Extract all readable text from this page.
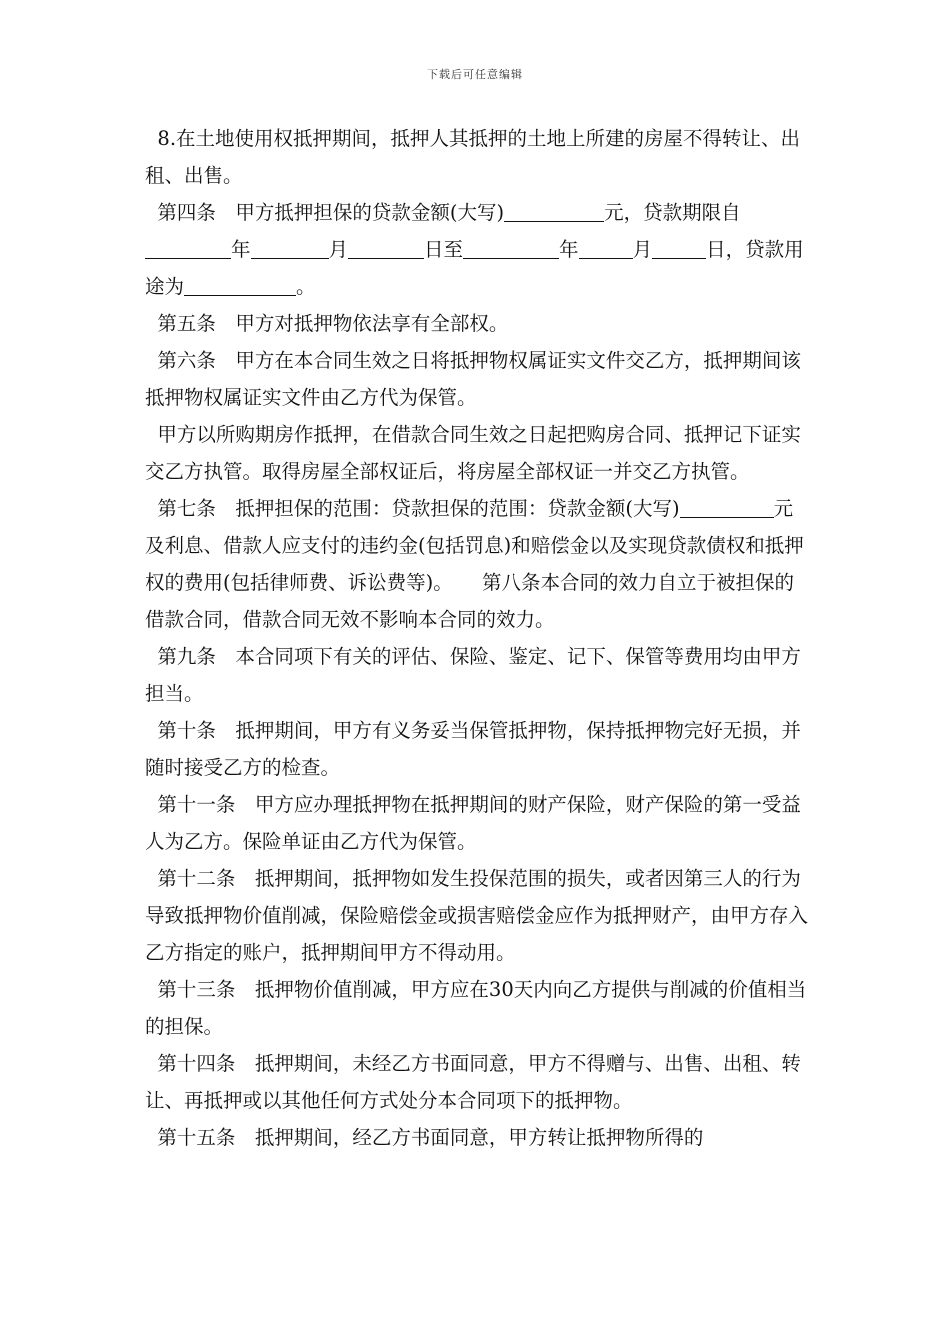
下载后可任意编辑

8.在土地使用权抵押期间，抵押人其抵押的土地上所建的房屋不得转让、出租、出售。

第四条　甲方抵押担保的贷款金额(大写)	元，贷款期限自年	月	日至	年	月	日，贷款用途为	。

第五条　甲方对抵押物依法享有全部权。

第六条　甲方在本合同生效之日将抵押物权属证实文件交乙方，抵押期间该抵押物权属证实文件由乙方代为保管。

甲方以所购期房作抵押，在借款合同生效之日起把购房合同、抵押记下证实交乙方执管。取得房屋全部权证后，将房屋全部权证一并交乙方执管。

第七条　抵押担保的范围：贷款担保的范围：贷款金额(大写)	元及利息、借款人应支付的违约金(包括罚息)和赔偿金以及实现贷款债权和抵押权的费用(包括律师费、诉讼费等)。　　第八条本合同的效力自立于被担保的借款合同，借款合同无效不影响本合同的效力。

第九条　本合同项下有关的评估、保险、鉴定、记下、保管等费用均由甲方担当。

第十条　抵押期间，甲方有义务妥当保管抵押物，保持抵押物完好无损，并随时接受乙方的检查。

第十一条　甲方应办理抵押物在抵押期间的财产保险，财产保险的第一受益人为乙方。保险单证由乙方代为保管。

第十二条　抵押期间，抵押物如发生投保范围的损失，或者因第三人的行为导致抵押物价值削减，保险赔偿金或损害赔偿金应作为抵押财产，由甲方存入乙方指定的账户，抵押期间甲方不得动用。

第十三条　抵押物价值削减，甲方应在30天内向乙方提供与削减的价值相当的担保。

第十四条　抵押期间，未经乙方书面同意，甲方不得赠与、出售、出租、转让、再抵押或以其他任何方式处分本合同项下的抵押物。

第十五条　抵押期间，经乙方书面同意，甲方转让抵押物所得的
